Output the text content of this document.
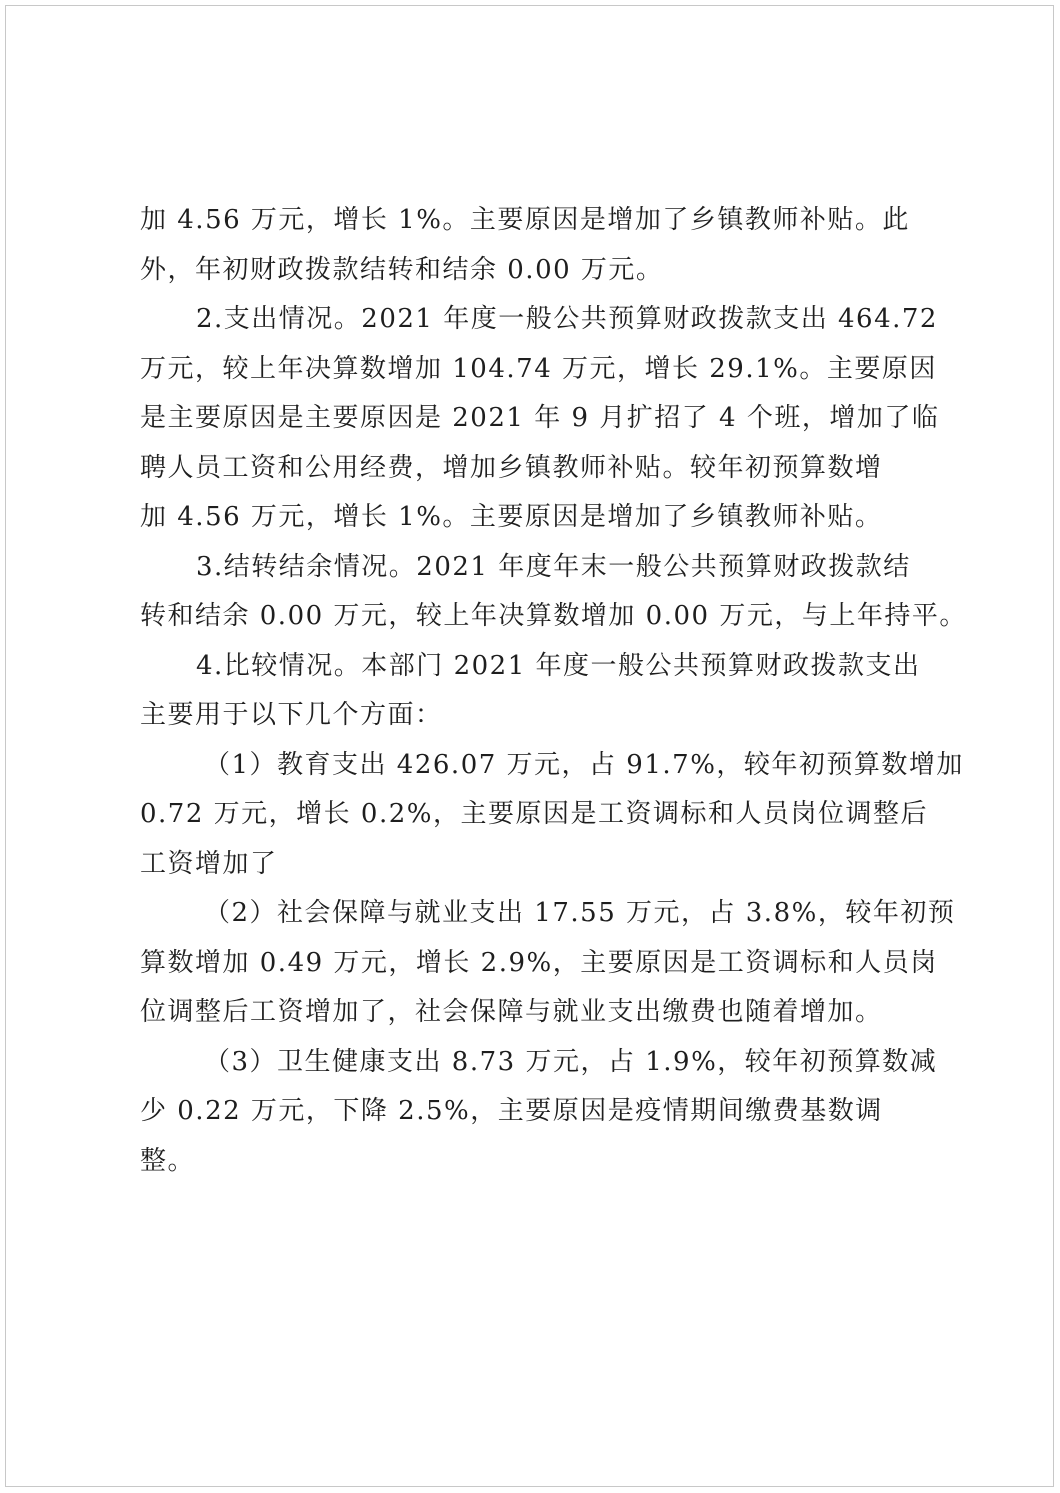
加 4.56 万元，增长 1%。主要原因是增加了乡镇教师补贴。此
外，年初财政拨款结转和结余 0.00 万元。
2.支出情况。2021 年度一般公共预算财政拨款支出 464.72
万元，较上年决算数增加 104.74 万元，增长 29.1%。主要原因
是主要原因是主要原因是 2021 年 9 月扩招了 4 个班，增加了临
聘人员工资和公用经费，增加乡镇教师补贴。较年初预算数增
加 4.56 万元，增长 1%。主要原因是增加了乡镇教师补贴。
3.结转结余情况。2021 年度年末一般公共预算财政拨款结
转和结余 0.00 万元，较上年决算数增加 0.00 万元，与上年持平。
4.比较情况。本部门 2021 年度一般公共预算财政拨款支出
主要用于以下几个方面：
（1）教育支出 426.07 万元，占 91.7%，较年初预算数增加
0.72 万元，增长 0.2%，主要原因是工资调标和人员岗位调整后
工资增加了
（2）社会保障与就业支出 17.55 万元，占 3.8%，较年初预
算数增加 0.49 万元，增长 2.9%，主要原因是工资调标和人员岗
位调整后工资增加了，社会保障与就业支出缴费也随着增加。
（3）卫生健康支出 8.73 万元，占 1.9%，较年初预算数减
少 0.22 万元，下降 2.5%，主要原因是疫情期间缴费基数调
整。
